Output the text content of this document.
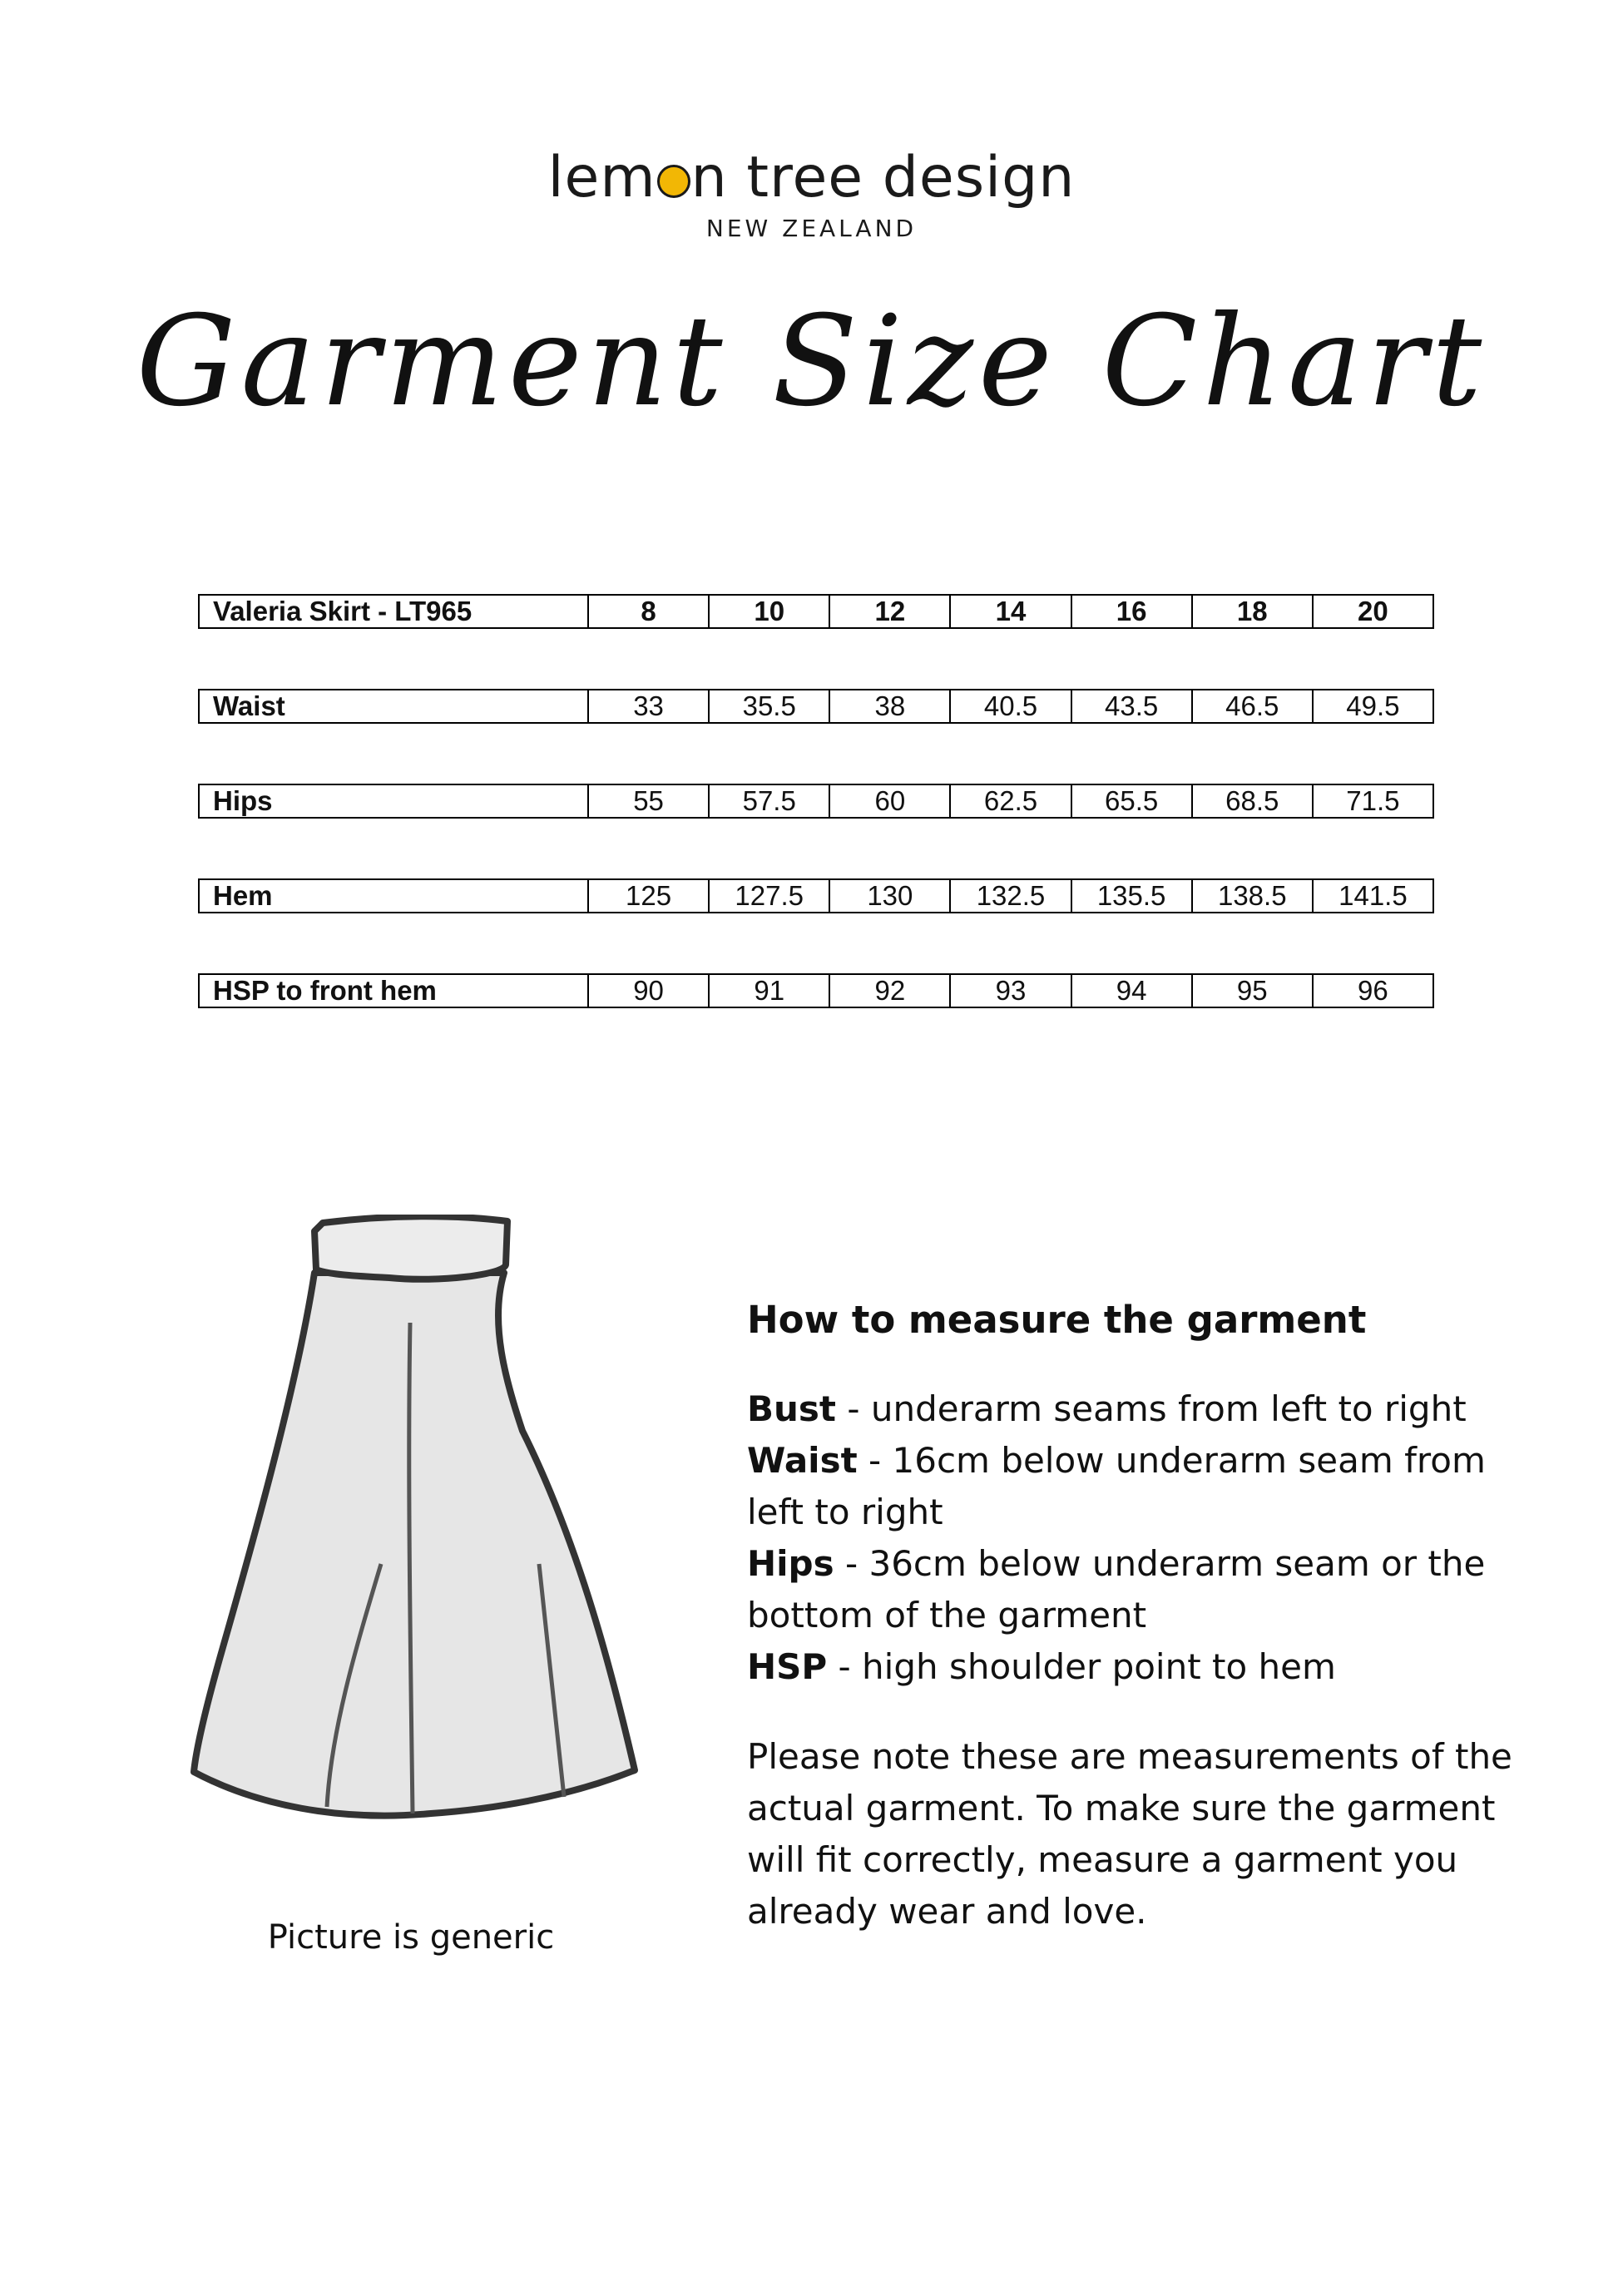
lem n tree design
NEW ZEALAND
Garment Size Chart
Valeria Skirt - LT965	8	10	12	14	16	18	20
Waist	33	35.5	38	40.5	43.5	46.5	49.5
Hips	55	57.5	60	62.5	65.5	68.5	71.5
Hem	125	127.5	130	132.5	135.5	138.5	141.5
HSP to front hem	90	91	92	93	94	95	96
Picture is generic
How to measure the garment

Bust - underarm seams from left to right

Waist - 16cm below underarm seam from left to right

Hips - 36cm below underarm seam or the bottom of the garment

HSP - high shoulder point to hem

Please note these are measurements of the actual garment. To make sure the garment will fit correctly, measure a garment you already wear and love.
